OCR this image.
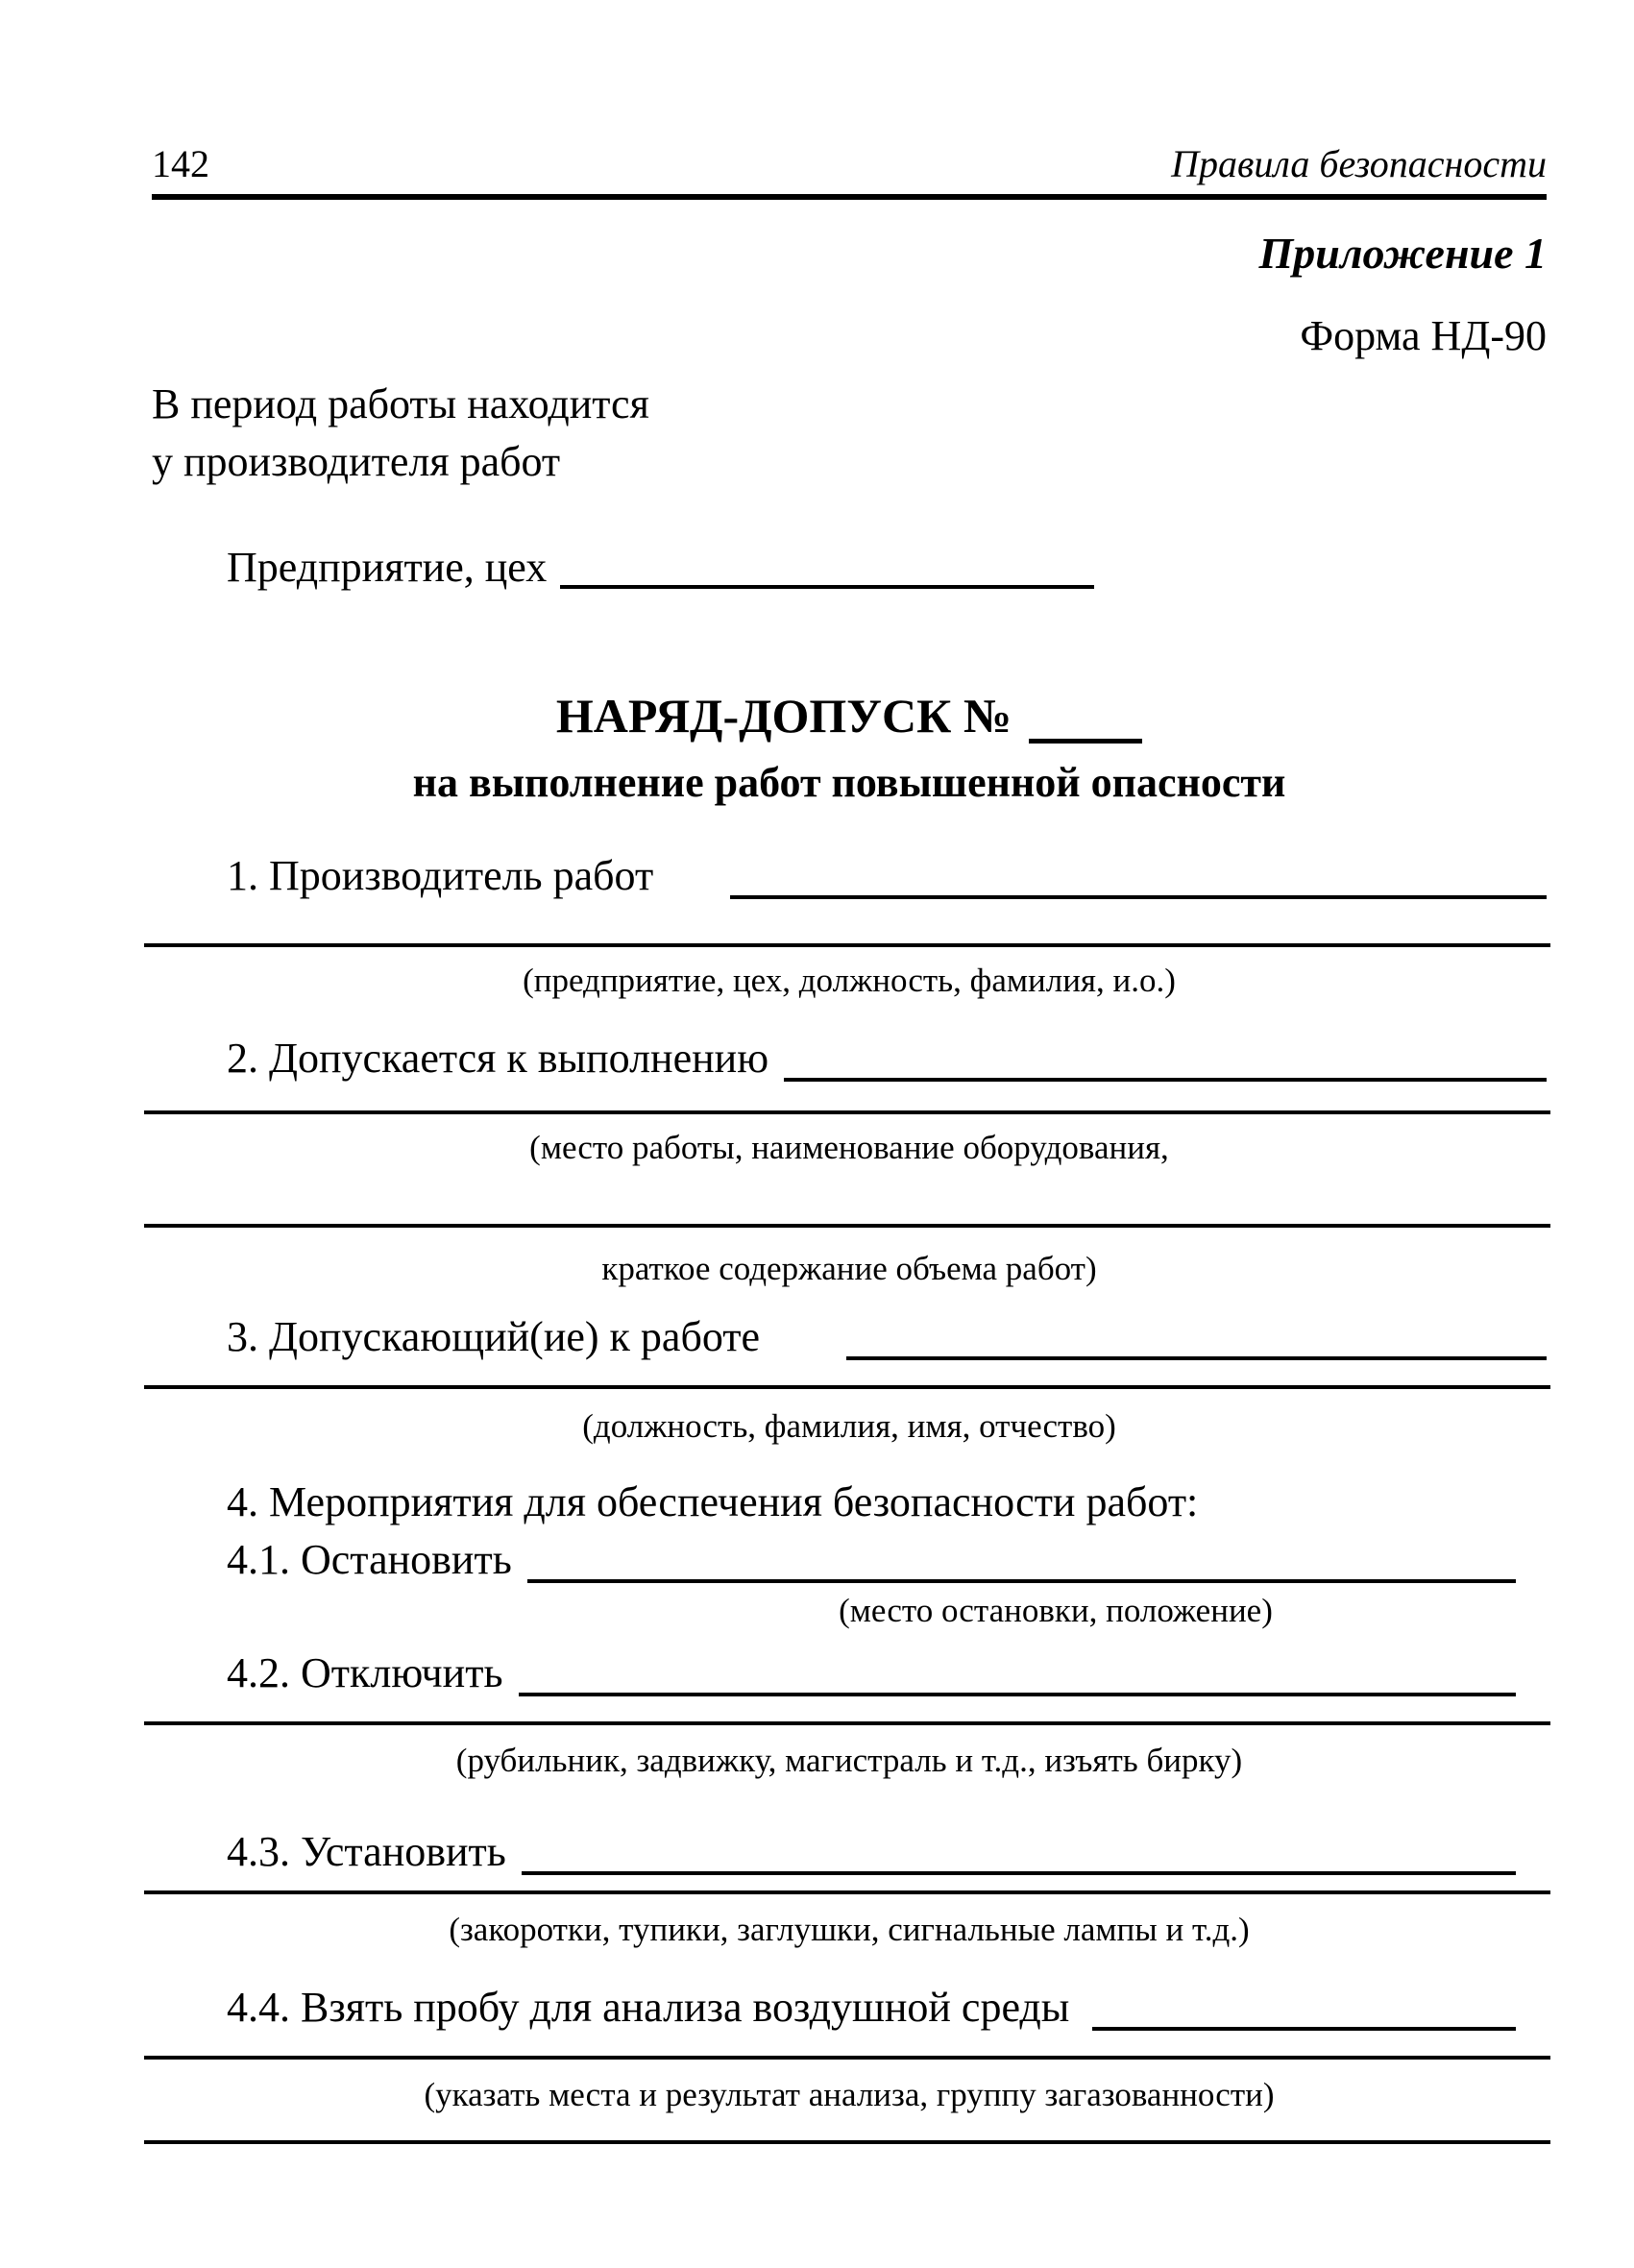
142	Правила безопасности
Приложение 1
Форма НД-90
В период работы находится
у производителя работ
Предприятие, цех
НАРЯД-ДОПУСК №
на выполнение работ повышенной опасности
1. Производитель работ
(предприятие, цех, должность, фамилия, и.о.)
2. Допускается к выполнению
(место работы, наименование оборудования,
краткое содержание объема работ)
3. Допускающий(ие) к работе
(должность, фамилия, имя, отчество)
4. Мероприятия для обеспечения безопасности работ:
4.1. Остановить
(место остановки, положение)
4.2. Отключить
(рубильник, задвижку, магистраль и т.д., изъять бирку)
4.3. Установить
(закоротки, тупики, заглушки, сигнальные лампы и т.д.)
4.4. Взять пробу для анализа воздушной среды
(указать места и результат анализа, группу загазованности)
